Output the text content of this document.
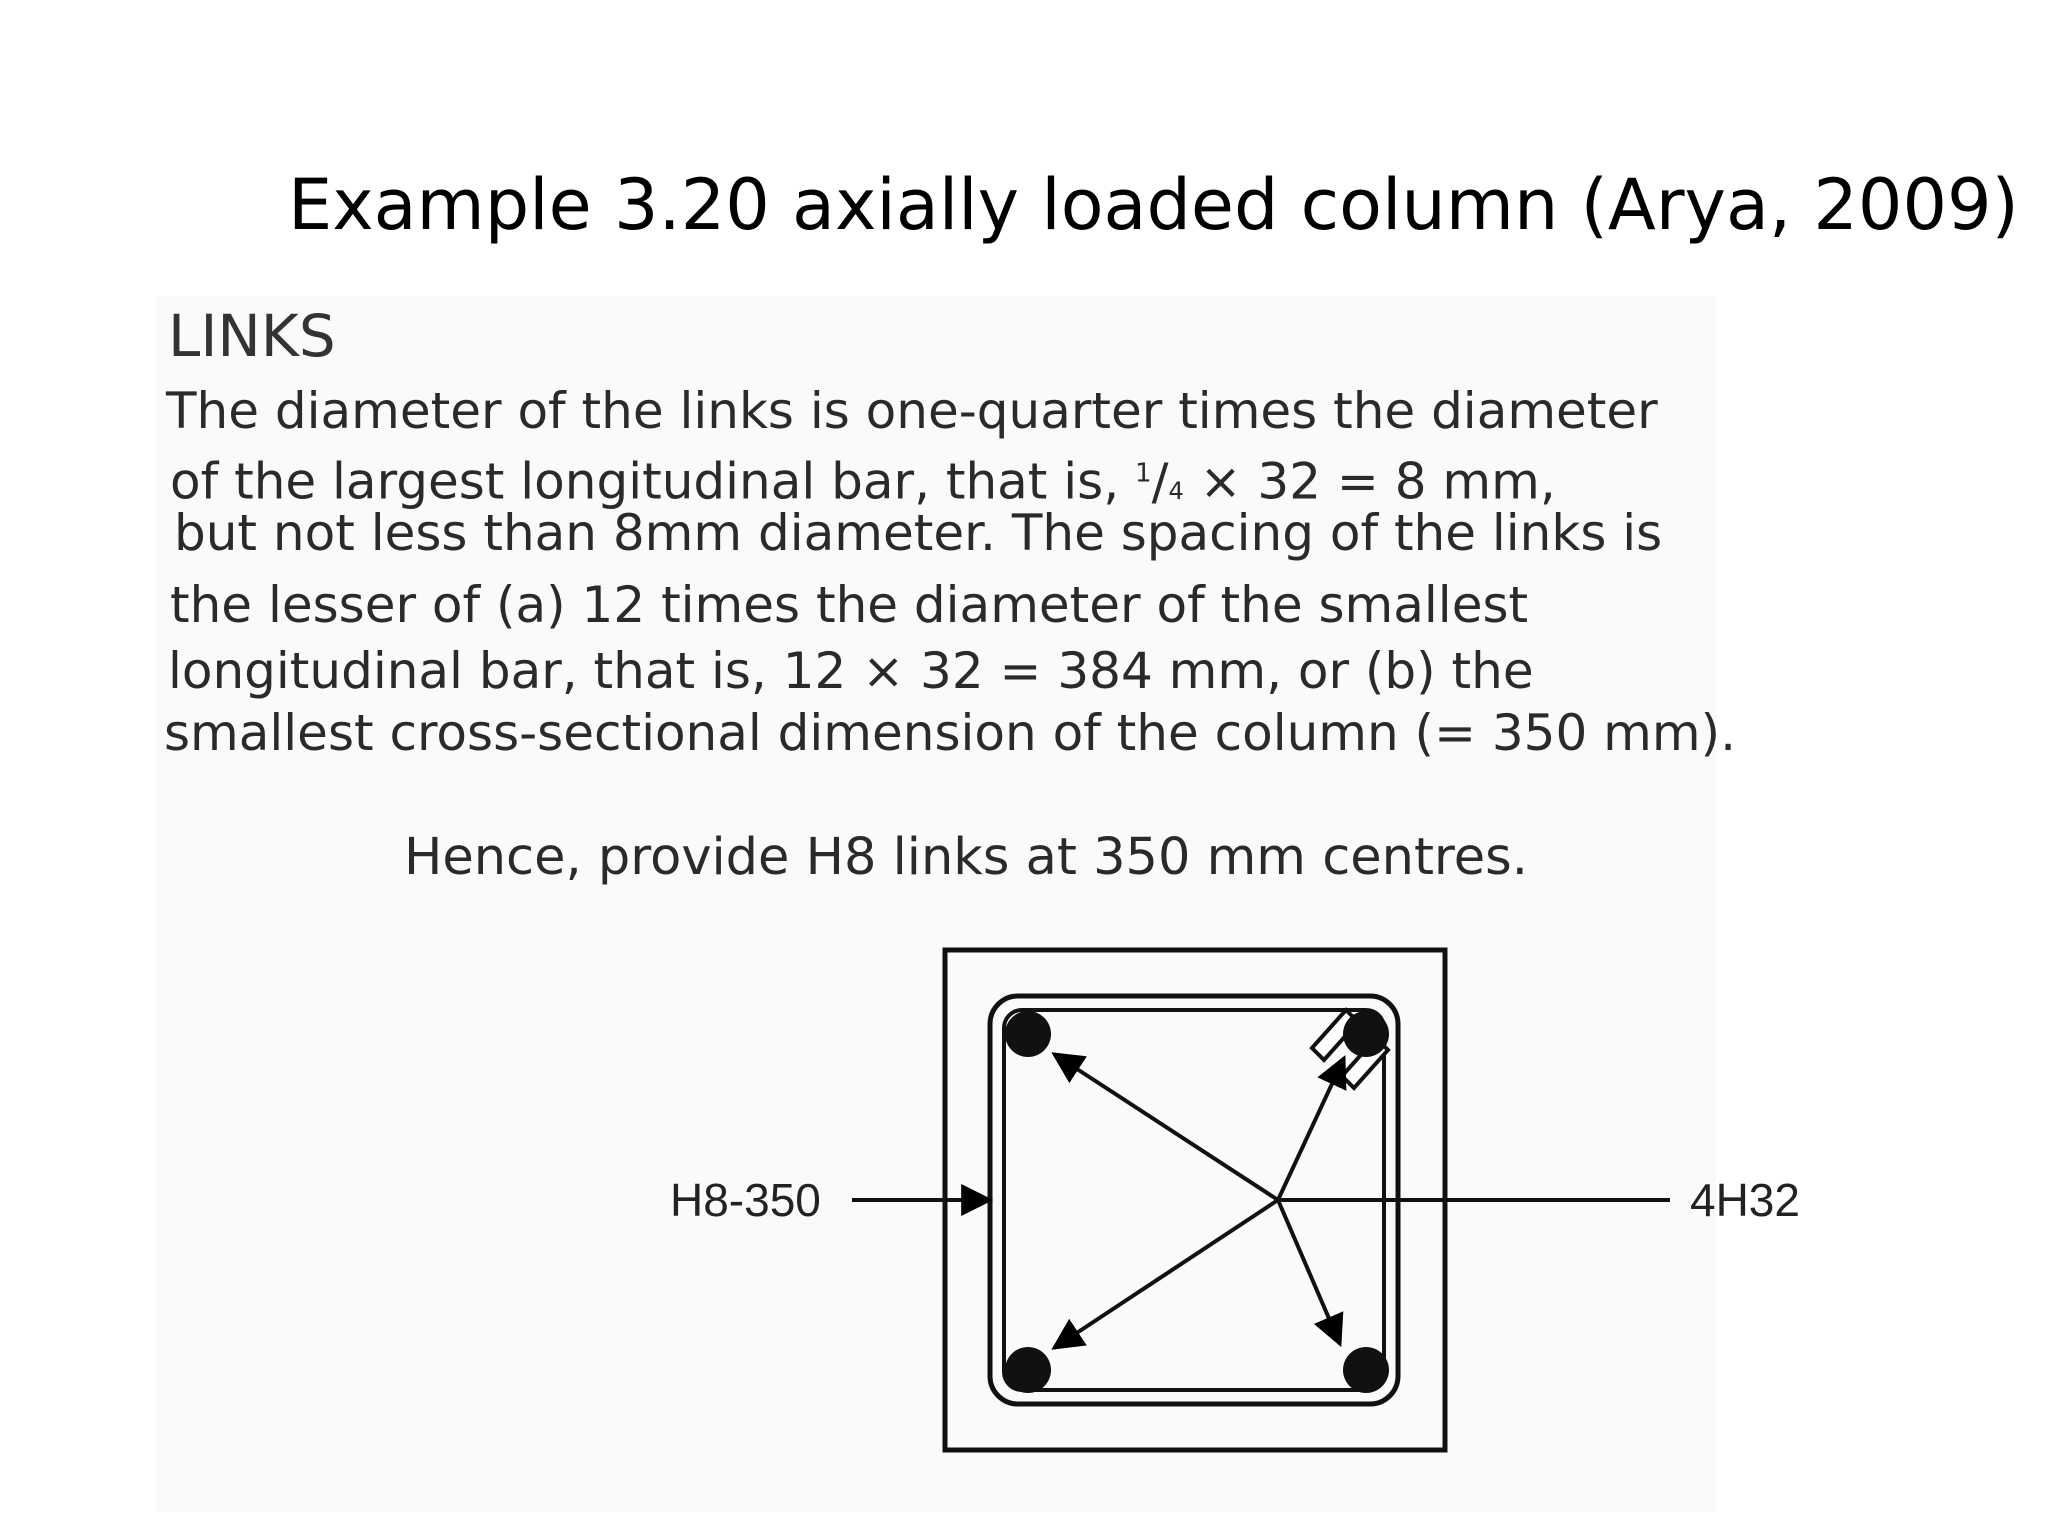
Example 3.20 axially loaded column (Arya, 2009)
LINKS
The diameter of the links is one-quarter times the diameter
of the largest longitudinal bar, that is, $^1$/4 × 32 = 8 mm,
but not less than 8mm diameter. The spacing of the links is
the lesser of (a) 12 times the diameter of the smallest
longitudinal bar, that is, 12 × 32 = 384 mm, or (b) the
smallest cross-sectional dimension of the column (= 350 mm).
Hence, provide H8 links at 350 mm centres.
H8-350	4H32
